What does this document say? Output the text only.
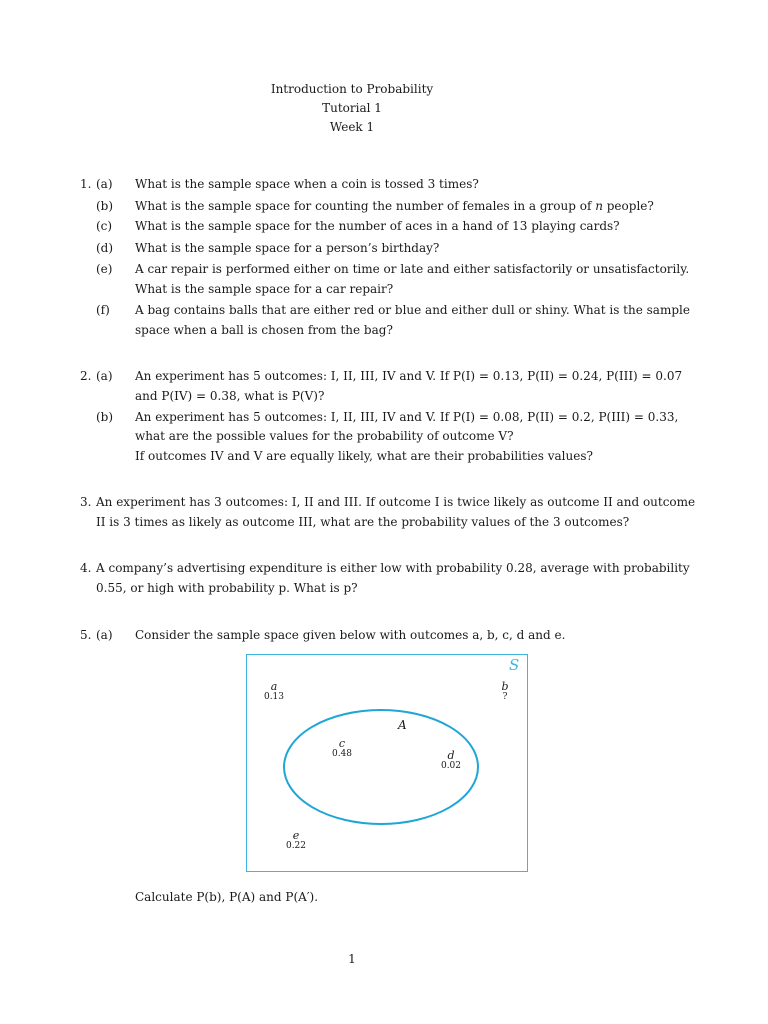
Introduction to Probability
Tutorial 1
Week 1
1. (a) What is the sample space when a coin is tossed 3 times?
(b) What is the sample space for counting the number of females in a group of n people?
(c) What is the sample space for the number of aces in a hand of 13 playing cards?
(d) What is the sample space for a person’s birthday?
(e) A car repair is performed either on time or late and either satisfactorily or unsatisfactorily.
What is the sample space for a car repair?
(f) A bag contains balls that are either red or blue and either dull or shiny. What is the sample
space when a ball is chosen from the bag?
2. (a) An experiment has 5 outcomes: I, II, III, IV and V. If P(I) = 0.13, P(II) = 0.24, P(III) = 0.07
and P(IV) = 0.38, what is P(V)?
(b) An experiment has 5 outcomes: I, II, III, IV and V. If P(I) = 0.08, P(II) = 0.2, P(III) = 0.33,
what are the possible values for the probability of outcome V?
If outcomes IV and V are equally likely, what are their probabilities values?
3. An experiment has 3 outcomes: I, II and III. If outcome I is twice likely as outcome II and outcome
II is 3 times as likely as outcome III, what are the probability values of the 3 outcomes?
4. A company’s advertising expenditure is either low with probability 0.28, average with probability
0.55, or high with probability p. What is p?
5. (a) Consider the sample space given below with outcomes a, b, c, d and e.
S
A
a
0.13
b
?
c
0.48	d
0.02
e
0.22
Calculate P(b), P(A) and P(A′).
1
